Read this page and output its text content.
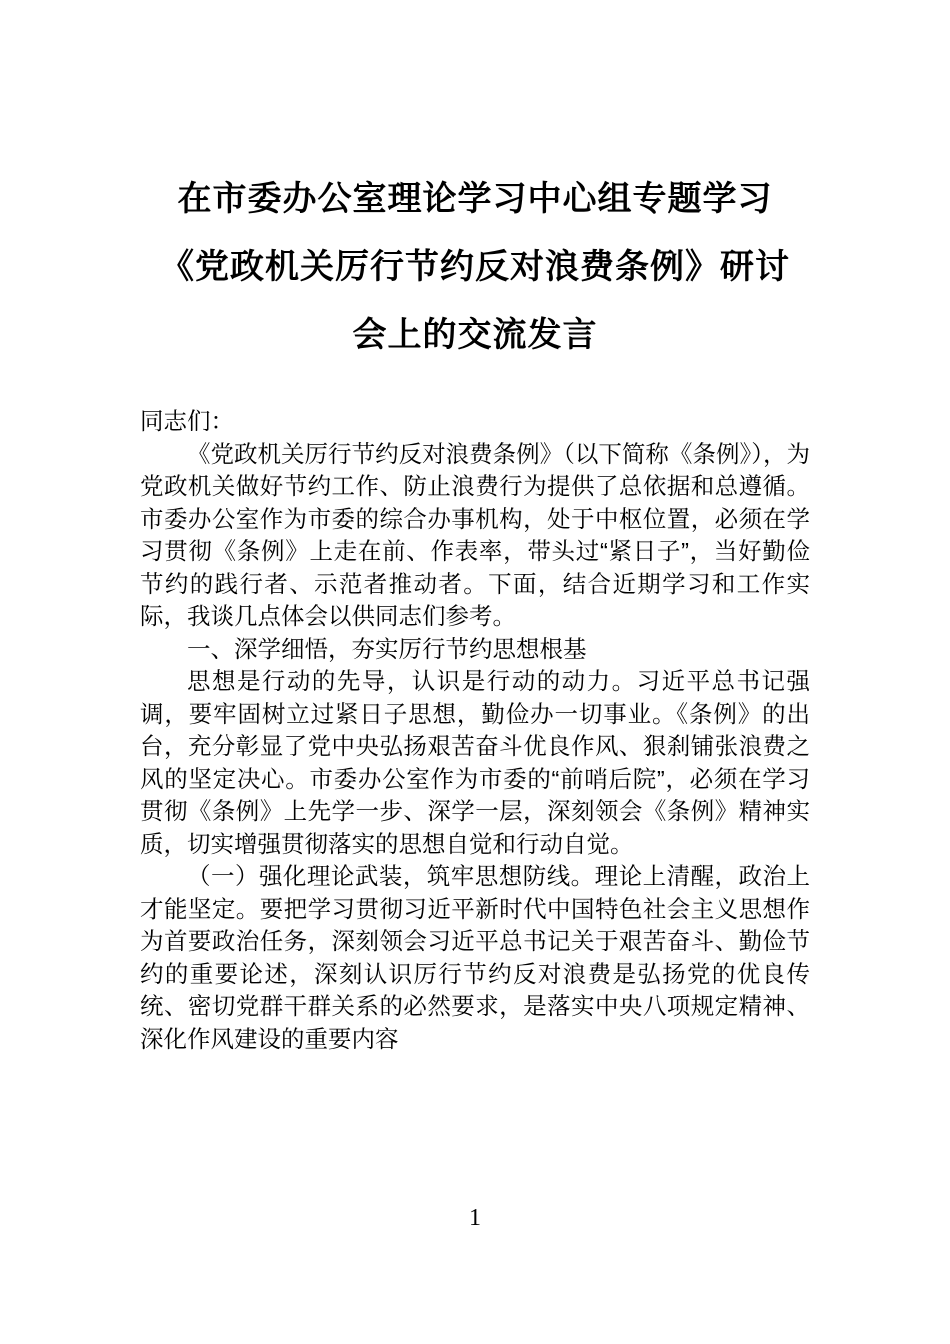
在市委办公室理论学习中心组专题学习
《党政机关厉行节约反对浪费条例》研讨
会上的交流发言

同志们：

《党政机关厉行节约反对浪费条例》（以下简称《条例》），为党政机关做好节约工作、防止浪费行为提供了总依据和总遵循。市委办公室作为市委的综合办事机构，处于中枢位置，必须在学习贯彻《条例》上走在前、作表率，带头过“紧日子”，当好勤俭节约的践行者、示范者推动者。下面，结合近期学习和工作实际，我谈几点体会以供同志们参考。

一、深学细悟，夯实厉行节约思想根基

思想是行动的先导，认识是行动的动力。习近平总书记强调，要牢固树立过紧日子思想，勤俭办一切事业。《条例》的出台，充分彰显了党中央弘扬艰苦奋斗优良作风、狠刹铺张浪费之风的坚定决心。市委办公室作为市委的“前哨后院”，必须在学习贯彻《条例》上先学一步、深学一层，深刻领会《条例》精神实质，切实增强贯彻落实的思想自觉和行动自觉。

（一）强化理论武装，筑牢思想防线。理论上清醒，政治上才能坚定。要把学习贯彻习近平新时代中国特色社会主义思想作为首要政治任务，深刻领会习近平总书记关于艰苦奋斗、勤俭节约的重要论述，深刻认识厉行节约反对浪费是弘扬党的优良传统、密切党群干群关系的必然要求，是落实中央八项规定精神、深化作风建设的重要内容

1
